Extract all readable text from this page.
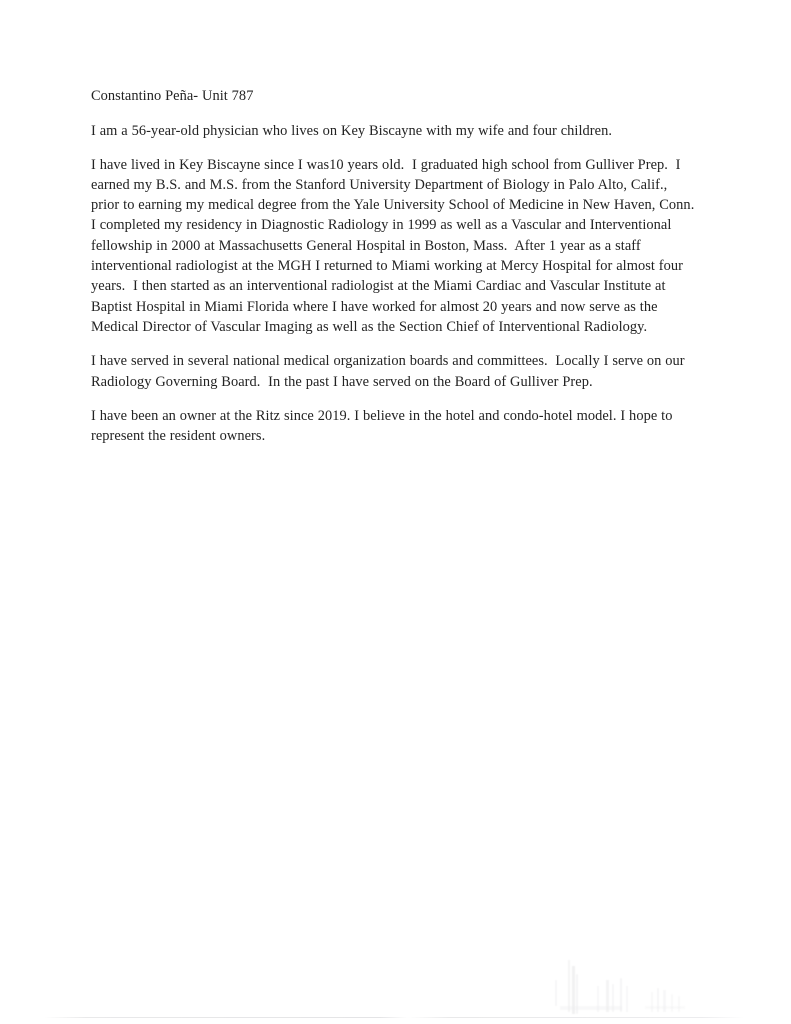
Constantino Peña- Unit 787

I am a 56-year-old physician who lives on Key Biscayne with my wife and four children.

I have lived in Key Biscayne since I was10 years old.  I graduated high school from Gulliver Prep.  I earned my B.S. and M.S. from the Stanford University Department of Biology in Palo Alto, Calif., prior to earning my medical degree from the Yale University School of Medicine in New Haven, Conn.  I completed my residency in Diagnostic Radiology in 1999 as well as a Vascular and Interventional fellowship in 2000 at Massachusetts General Hospital in Boston, Mass.  After 1 year as a staff interventional radiologist at the MGH I returned to Miami working at Mercy Hospital for almost four years.  I then started as an interventional radiologist at the Miami Cardiac and Vascular Institute at Baptist Hospital in Miami Florida where I have worked for almost 20 years and now serve as the Medical Director of Vascular Imaging as well as the Section Chief of Interventional Radiology.

I have served in several national medical organization boards and committees.  Locally I serve on our Radiology Governing Board.  In the past I have served on the Board of Gulliver Prep.

I have been an owner at the Ritz since 2019. I believe in the hotel and condo-hotel model. I hope to represent the resident owners.
